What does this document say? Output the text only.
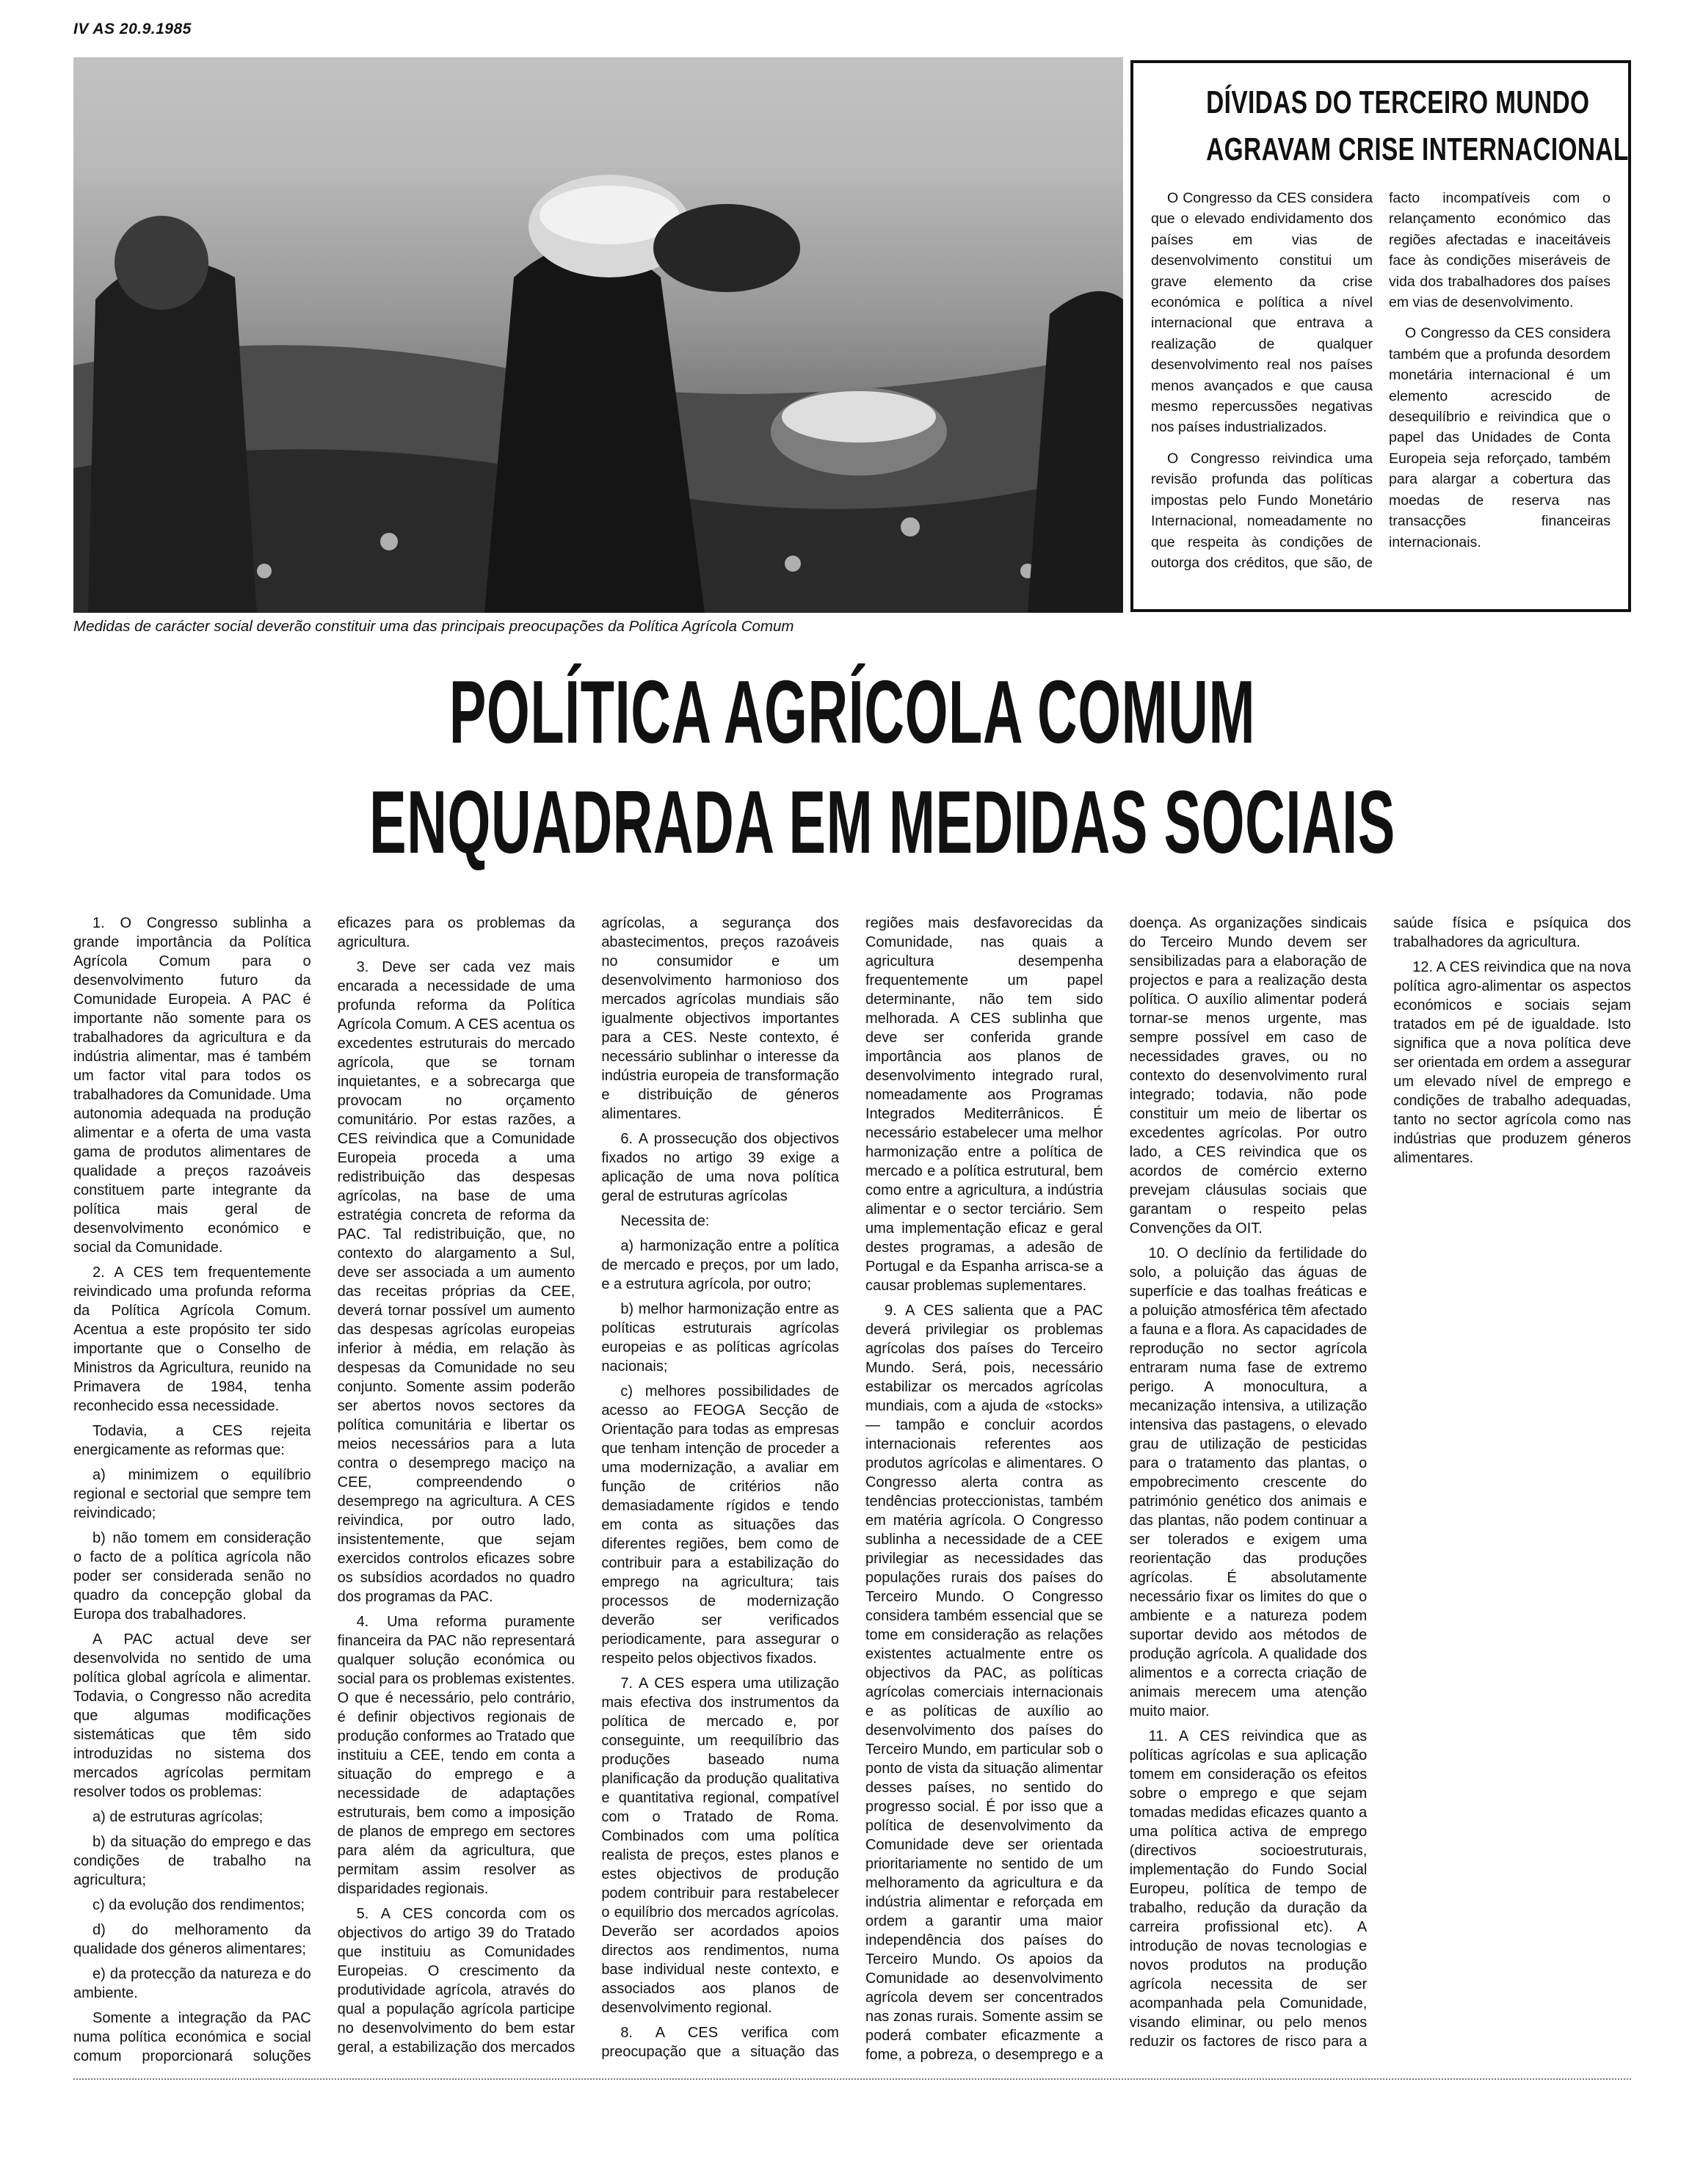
IV AS 20.9.1985
Medidas de carácter social deverão constituir uma das principais preocupações da Política Agrícola Comum
DÍVIDAS DO TERCEIRO MUNDO
AGRAVAM CRISE INTERNACIONAL

O Congresso da CES considera que o elevado endividamento dos países em vias de desenvolvimento constitui um grave elemento da crise económica e política a nível internacional que entrava a realização de qualquer desenvolvimento real nos países menos avançados e que causa mesmo repercussões negativas nos países industrializados.

O Congresso reivindica uma revisão profunda das políticas impostas pelo Fundo Monetário Internacional, nomeadamente no que respeita às condições de outorga dos créditos, que são, de facto incompatíveis com o relançamento económico das regiões afectadas e inaceitáveis face às condições miseráveis de vida dos trabalhadores dos países em vias de desenvolvimento.

O Congresso da CES considera também que a profunda desordem monetária internacional é um elemento acrescido de desequilíbrio e reivindica que o papel das Unidades de Conta Europeia seja reforçado, também para alargar a cobertura das moedas de reserva nas transacções financeiras internacionais.

POLÍTICA AGRÍCOLA COMUM
ENQUADRADA EM MEDIDAS SOCIAIS

1. O Congresso sublinha a grande importância da Política Agrícola Comum para o desenvolvimento futuro da Comunidade Europeia. A PAC é importante não somente para os trabalhadores da agricultura e da indústria alimentar, mas é também um factor vital para todos os trabalhadores da Comunidade. Uma autonomia adequada na produção alimentar e a oferta de uma vasta gama de produtos alimentares de qualidade a preços razoáveis constituem parte integrante da política mais geral de desenvolvimento económico e social da Comunidade.

2. A CES tem frequentemente reivindicado uma profunda reforma da Política Agrícola Comum. Acentua a este propósito ter sido importante que o Conselho de Ministros da Agricultura, reunido na Primavera de 1984, tenha reconhecido essa necessidade.

Todavia, a CES rejeita energicamente as reformas que:

a) minimizem o equilíbrio regional e sectorial que sempre tem reivindicado;

b) não tomem em consideração o facto de a política agrícola não poder ser considerada senão no quadro da concepção global da Europa dos trabalhadores.

A PAC actual deve ser desenvolvida no sentido de uma política global agrícola e alimentar. Todavia, o Congresso não acredita que algumas modificações sistemáticas que têm sido introduzidas no sistema dos mercados agrícolas permitam resolver todos os problemas:

a) de estruturas agrícolas;

b) da situação do emprego e das condições de trabalho na agricultura;

c) da evolução dos rendimentos;

d) do melhoramento da qualidade dos géneros alimentares;

e) da protecção da natureza e do ambiente.

Somente a integração da PAC numa política económica e social comum proporcionará soluções eficazes para os problemas da agricultura.

3. Deve ser cada vez mais encarada a necessidade de uma profunda reforma da Política Agrícola Comum. A CES acentua os excedentes estruturais do mercado agrícola, que se tornam inquietantes, e a sobrecarga que provocam no orçamento comunitário. Por estas razões, a CES reivindica que a Comunidade Europeia proceda a uma redistribuição das despesas agrícolas, na base de uma estratégia concreta de reforma da PAC. Tal redistribuição, que, no contexto do alargamento a Sul, deve ser associada a um aumento das receitas próprias da CEE, deverá tornar possível um aumento das despesas agrícolas europeias inferior à média, em relação às despesas da Comunidade no seu conjunto. Somente assim poderão ser abertos novos sectores da política comunitária e libertar os meios necessários para a luta contra o desemprego maciço na CEE, compreendendo o desemprego na agricultura. A CES reivindica, por outro lado, insistentemente, que sejam exercidos controlos eficazes sobre os subsídios acordados no quadro dos programas da PAC.

4. Uma reforma puramente financeira da PAC não representará qualquer solução económica ou social para os problemas existentes. O que é necessário, pelo contrário, é definir objectivos regionais de produção conformes ao Tratado que instituiu a CEE, tendo em conta a situação do emprego e a necessidade de adaptações estruturais, bem como a imposição de planos de emprego em sectores para além da agricultura, que permitam assim resolver as disparidades regionais.

5. A CES concorda com os objectivos do artigo 39 do Tratado que instituiu as Comunidades Europeias. O crescimento da produtividade agrícola, através do qual a população agrícola participe no desenvolvimento do bem estar geral, a estabilização dos mercados agrícolas, a segurança dos abastecimentos, preços razoáveis no consumidor e um desenvolvimento harmonioso dos mercados agrícolas mundiais são igualmente objectivos importantes para a CES. Neste contexto, é necessário sublinhar o interesse da indústria europeia de transformação e distribuição de géneros alimentares.

6. A prossecução dos objectivos fixados no artigo 39 exige a aplicação de uma nova política geral de estruturas agrícolas

Necessita de:

a) harmonização entre a política de mercado e preços, por um lado, e a estrutura agrícola, por outro;

b) melhor harmonização entre as políticas estruturais agrícolas europeias e as políticas agrícolas nacionais;

c) melhores possibilidades de acesso ao FEOGA Secção de Orientação para todas as empresas que tenham intenção de proceder a uma modernização, a avaliar em função de critérios não demasiadamente rígidos e tendo em conta as situações das diferentes regiões, bem como de contribuir para a estabilização do emprego na agricultura; tais processos de modernização deverão ser verificados periodicamente, para assegurar o respeito pelos objectivos fixados.

7. A CES espera uma utilização mais efectiva dos instrumentos da política de mercado e, por conseguinte, um reequilíbrio das produções baseado numa planificação da produção qualitativa e quantitativa regional, compatível com o Tratado de Roma. Combinados com uma política realista de preços, estes planos e estes objectivos de produção podem contribuir para restabelecer o equilíbrio dos mercados agrícolas. Deverão ser acordados apoios directos aos rendimentos, numa base individual neste contexto, e associados aos planos de desenvolvimento regional.

8. A CES verifica com preocupação que a situação das regiões mais desfavorecidas da Comunidade, nas quais a agricultura desempenha frequentemente um papel determinante, não tem sido melhorada. A CES sublinha que deve ser conferida grande importância aos planos de desenvolvimento integrado rural, nomeadamente aos Programas Integrados Mediterrânicos. É necessário estabelecer uma melhor harmonização entre a política de mercado e a política estrutural, bem como entre a agricultura, a indústria alimentar e o sector terciário. Sem uma implementação eficaz e geral destes programas, a adesão de Portugal e da Espanha arrisca-se a causar problemas suplementares.

9. A CES salienta que a PAC deverá privilegiar os problemas agrícolas dos países do Terceiro Mundo. Será, pois, necessário estabilizar os mercados agrícolas mundiais, com a ajuda de «stocks» — tampão e concluir acordos internacionais referentes aos produtos agrícolas e alimentares. O Congresso alerta contra as tendências proteccionistas, também em matéria agrícola. O Congresso sublinha a necessidade de a CEE privilegiar as necessidades das populações rurais dos países do Terceiro Mundo. O Congresso considera também essencial que se tome em consideração as relações existentes actualmente entre os objectivos da PAC, as políticas agrícolas comerciais internacionais e as políticas de auxílio ao desenvolvimento dos países do Terceiro Mundo, em particular sob o ponto de vista da situação alimentar desses países, no sentido do progresso social. É por isso que a política de desenvolvimento da Comunidade deve ser orientada prioritariamente no sentido de um melhoramento da agricultura e da indústria alimentar e reforçada em ordem a garantir uma maior independência dos países do Terceiro Mundo. Os apoios da Comunidade ao desenvolvimento agrícola devem ser concentrados nas zonas rurais. Somente assim se poderá combater eficazmente a fome, a pobreza, o desemprego e a doença. As organizações sindicais do Terceiro Mundo devem ser sensibilizadas para a elaboração de projectos e para a realização desta política. O auxílio alimentar poderá tornar-se menos urgente, mas sempre possível em caso de necessidades graves, ou no contexto do desenvolvimento rural integrado; todavia, não pode constituir um meio de libertar os excedentes agrícolas. Por outro lado, a CES reivindica que os acordos de comércio externo prevejam cláusulas sociais que garantam o respeito pelas Convenções da OIT.

10. O declínio da fertilidade do solo, a poluição das águas de superfície e das toalhas freáticas e a poluição atmosférica têm afectado a fauna e a flora. As capacidades de reprodução no sector agrícola entraram numa fase de extremo perigo. A monocultura, a mecanização intensiva, a utilização intensiva das pastagens, o elevado grau de utilização de pesticidas para o tratamento das plantas, o empobrecimento crescente do património genético dos animais e das plantas, não podem continuar a ser tolerados e exigem uma reorientação das produções agrícolas. É absolutamente necessário fixar os limites do que o ambiente e a natureza podem suportar devido aos métodos de produção agrícola. A qualidade dos alimentos e a correcta criação de animais merecem uma atenção muito maior.

11. A CES reivindica que as políticas agrícolas e sua aplicação tomem em consideração os efeitos sobre o emprego e que sejam tomadas medidas eficazes quanto a uma política activa de emprego (directivos socioestruturais, implementação do Fundo Social Europeu, política de tempo de trabalho, redução da duração da carreira profissional etc). A introdução de novas tecnologias e novos produtos na produção agrícola necessita de ser acompanhada pela Comunidade, visando eliminar, ou pelo menos reduzir os factores de risco para a saúde física e psíquica dos trabalhadores da agricultura.

12. A CES reivindica que na nova política agro-alimentar os aspectos económicos e sociais sejam tratados em pé de igualdade. Isto significa que a nova política deve ser orientada em ordem a assegurar um elevado nível de emprego e condições de trabalho adequadas, tanto no sector agrícola como nas indústrias que produzem géneros alimentares.
